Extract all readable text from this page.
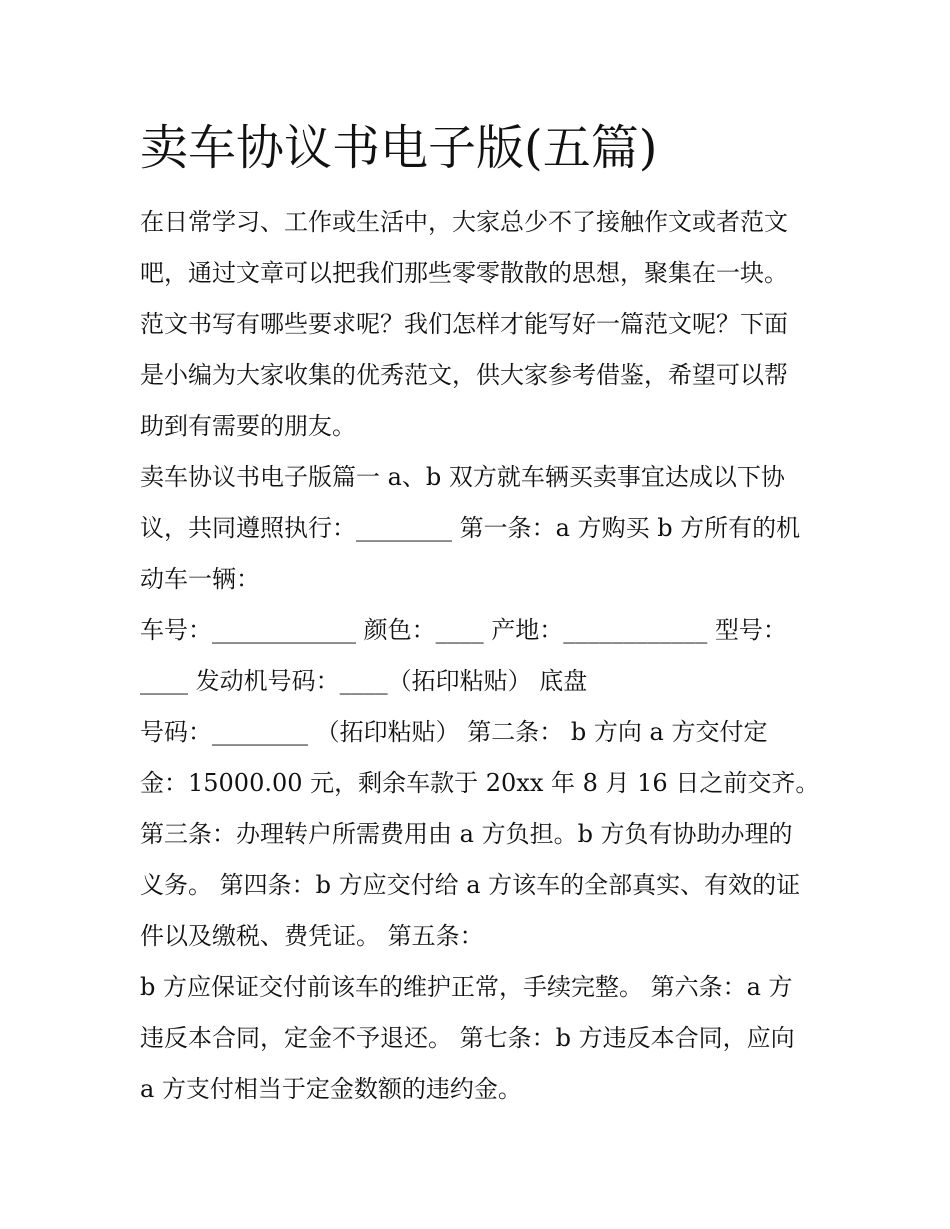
卖车协议书电子版(五篇)

在日常学习、工作或生活中，大家总少不了接触作文或者范文

吧，通过文章可以把我们那些零零散散的思想，聚集在一块。

范文书写有哪些要求呢？我们怎样才能写好一篇范文呢？下面

是小编为大家收集的优秀范文，供大家参考借鉴，希望可以帮

助到有需要的朋友。

卖车协议书电子版篇一 a、b 双方就车辆买卖事宜达成以下协

议，共同遵照执行：________ 第一条：a 方购买 b 方所有的机

动车一辆：

车号：____________ 颜色：____ 产地：____________ 型号：

____ 发动机号码：____（拓印粘贴） 底盘

号码：________ （拓印粘贴） 第二条： b 方向 a 方交付定

金：15000.00 元，剩余车款于 20xx 年 8 月 16 日之前交齐。

第三条：办理转户所需费用由 a 方负担。b 方负有协助办理的

义务。 第四条：b 方应交付给 a 方该车的全部真实、有效的证

件以及缴税、费凭证。 第五条：

b 方应保证交付前该车的维护正常，手续完整。 第六条：a 方

违反本合同，定金不予退还。 第七条：b 方违反本合同，应向

a 方支付相当于定金数额的违约金。
